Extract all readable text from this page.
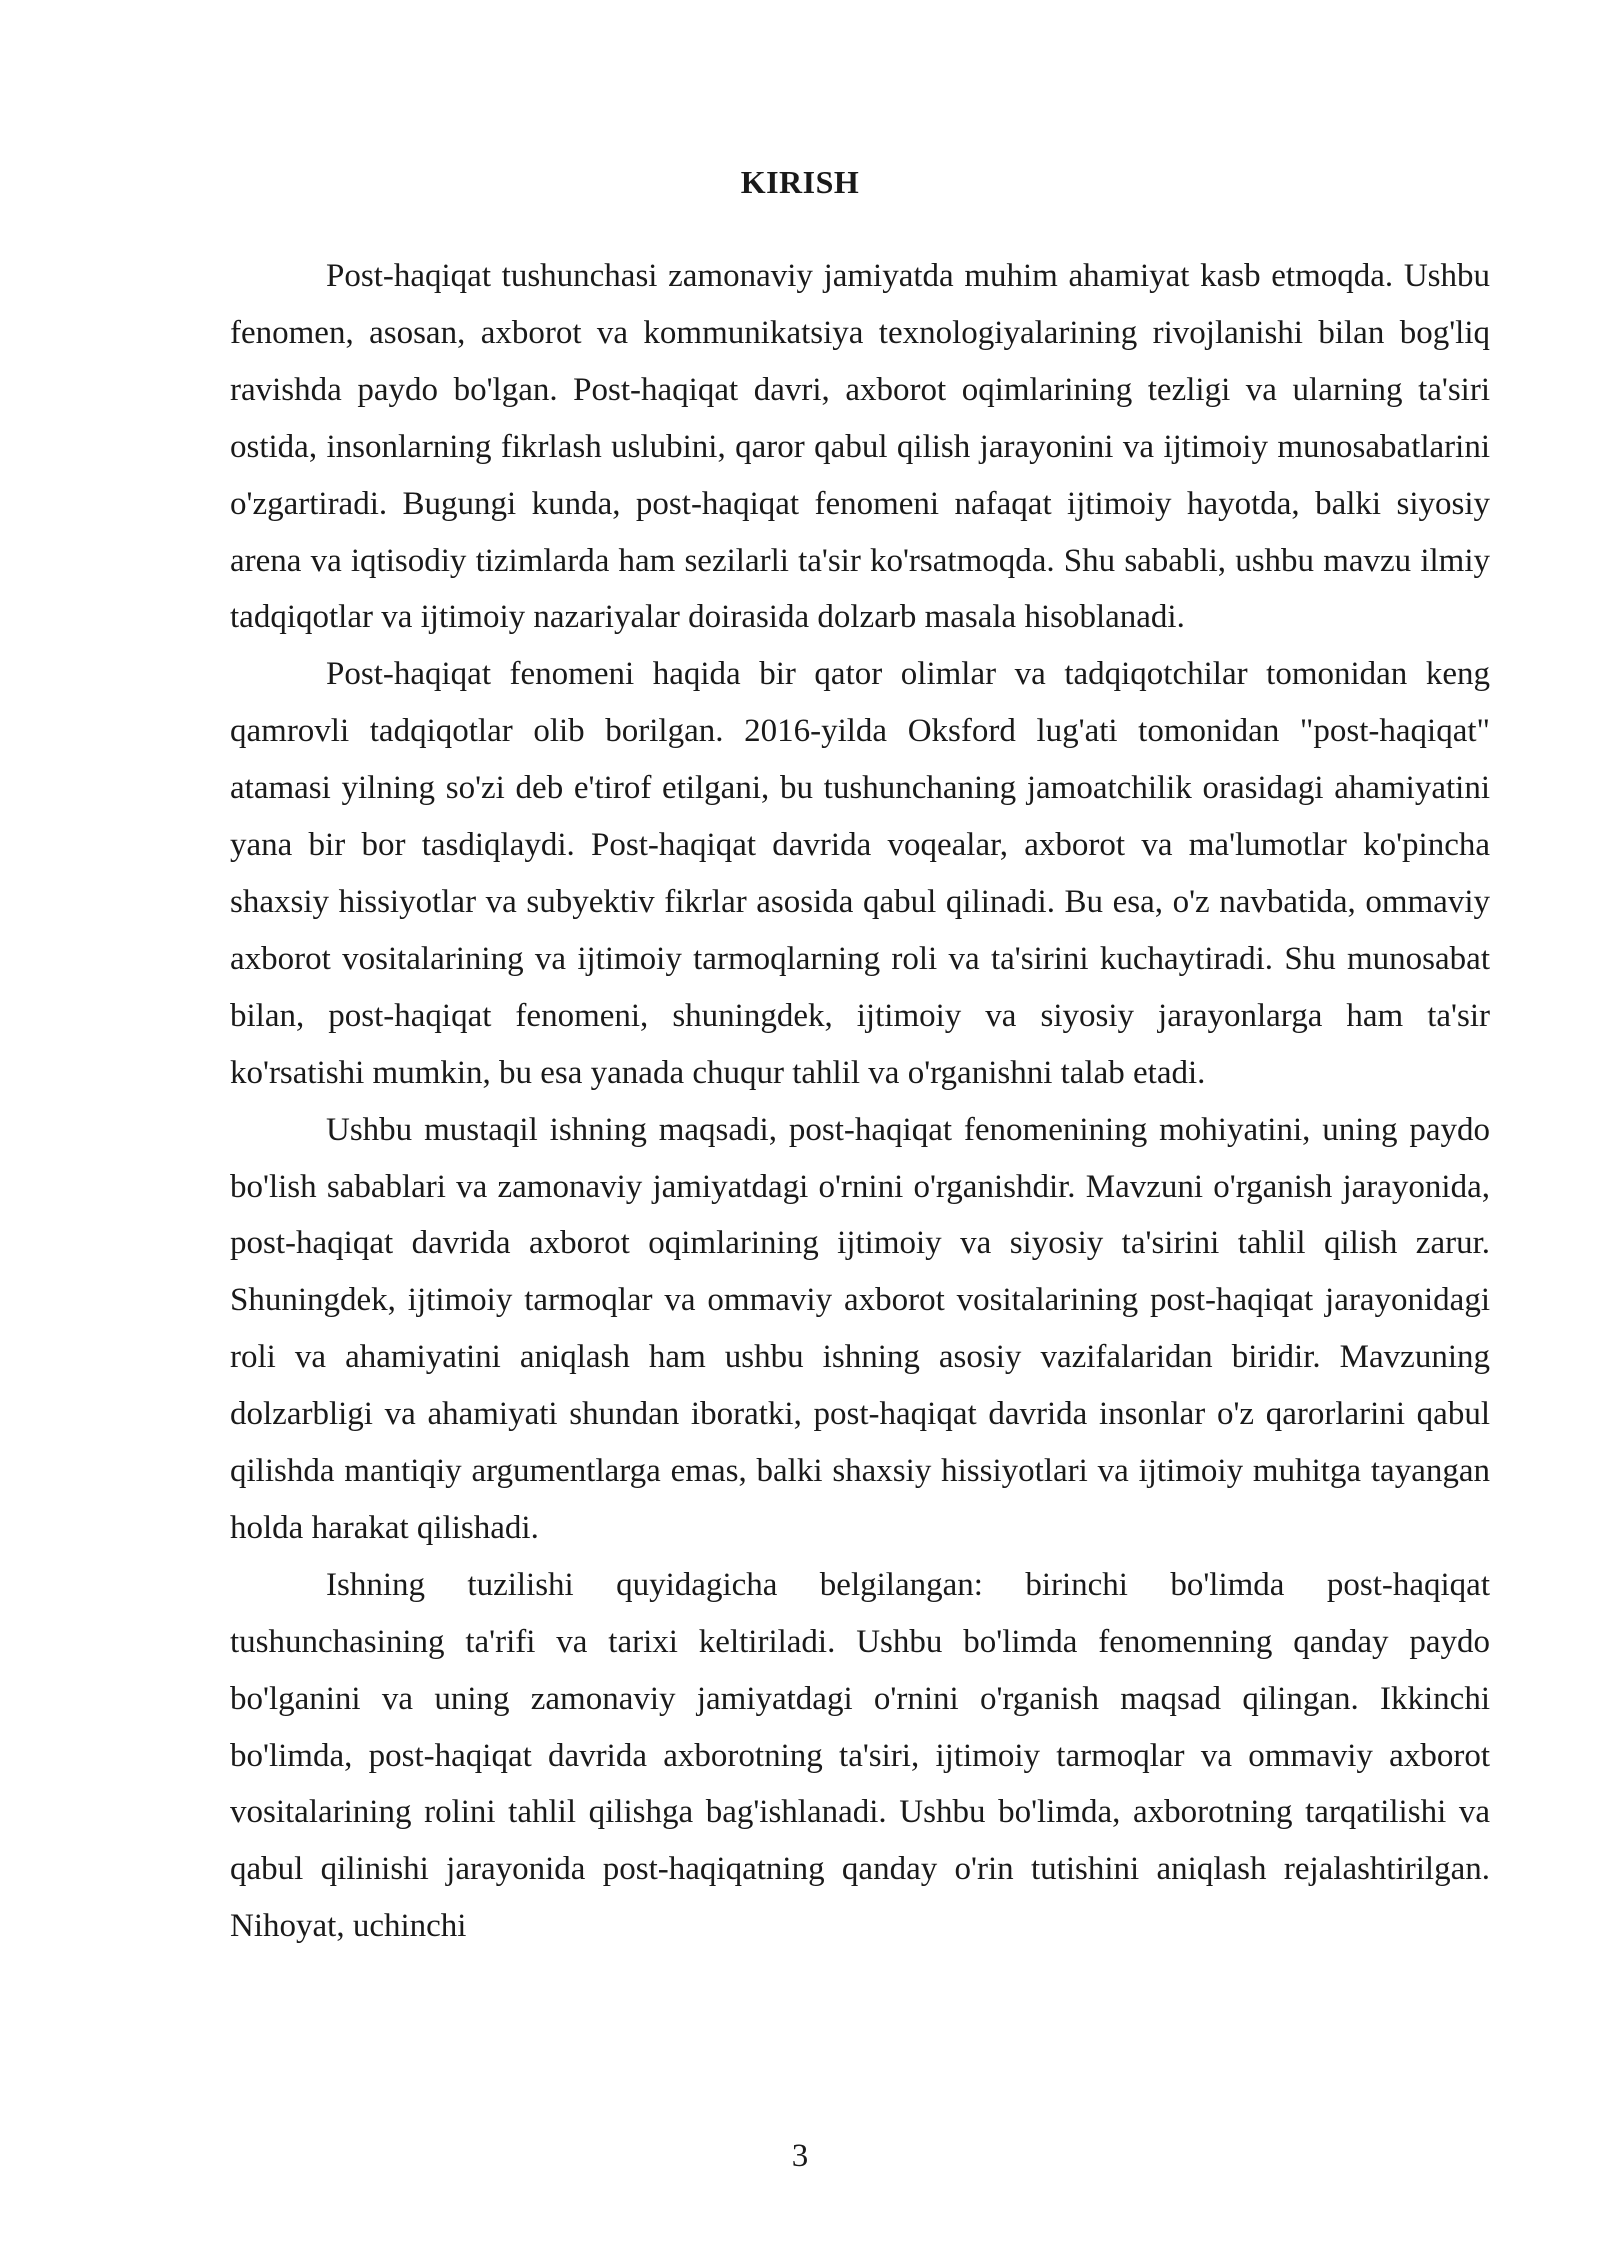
KIRISH

Post-haqiqat tushunchasi zamonaviy jamiyatda muhim ahamiyat kasb etmoqda. Ushbu fenomen, asosan, axborot va kommunikatsiya texnologiyalarining rivojlanishi bilan bog'liq ravishda paydo bo'lgan. Post-haqiqat davri, axborot oqimlarining tezligi va ularning ta'siri ostida, insonlarning fikrlash uslubini, qaror qabul qilish jarayonini va ijtimoiy munosabatlarini o'zgartiradi. Bugungi kunda, post-haqiqat fenomeni nafaqat ijtimoiy hayotda, balki siyosiy arena va iqtisodiy tizimlarda ham sezilarli ta'sir ko'rsatmoqda. Shu sababli, ushbu mavzu ilmiy tadqiqotlar va ijtimoiy nazariyalar doirasida dolzarb masala hisoblanadi.

Post-haqiqat fenomeni haqida bir qator olimlar va tadqiqotchilar tomonidan keng qamrovli tadqiqotlar olib borilgan. 2016-yilda Oksford lug'ati tomonidan "post-haqiqat" atamasi yilning so'zi deb e'tirof etilgani, bu tushunchaning jamoatchilik orasidagi ahamiyatini yana bir bor tasdiqlaydi. Post-haqiqat davrida voqealar, axborot va ma'lumotlar ko'pincha shaxsiy hissiyotlar va subyektiv fikrlar asosida qabul qilinadi. Bu esa, o'z navbatida, ommaviy axborot vositalarining va ijtimoiy tarmoqlarning roli va ta'sirini kuchaytiradi. Shu munosabat bilan, post-haqiqat fenomeni, shuningdek, ijtimoiy va siyosiy jarayonlarga ham ta'sir ko'rsatishi mumkin, bu esa yanada chuqur tahlil va o'rganishni talab etadi.

Ushbu mustaqil ishning maqsadi, post-haqiqat fenomenining mohiyatini, uning paydo bo'lish sabablari va zamonaviy jamiyatdagi o'rnini o'rganishdir. Mavzuni o'rganish jarayonida, post-haqiqat davrida axborot oqimlarining ijtimoiy va siyosiy ta'sirini tahlil qilish zarur. Shuningdek, ijtimoiy tarmoqlar va ommaviy axborot vositalarining post-haqiqat jarayonidagi roli va ahamiyatini aniqlash ham ushbu ishning asosiy vazifalaridan biridir. Mavzuning dolzarbligi va ahamiyati shundan iboratki, post-haqiqat davrida insonlar o'z qarorlarini qabul qilishda mantiqiy argumentlarga emas, balki shaxsiy hissiyotlari va ijtimoiy muhitga tayangan holda harakat qilishadi.

Ishning tuzilishi quyidagicha belgilangan: birinchi bo'limda post-haqiqat tushunchasining ta'rifi va tarixi keltiriladi. Ushbu bo'limda fenomenning qanday paydo bo'lganini va uning zamonaviy jamiyatdagi o'rnini o'rganish maqsad qilingan. Ikkinchi bo'limda, post-haqiqat davrida axborotning ta'siri, ijtimoiy tarmoqlar va ommaviy axborot vositalarining rolini tahlil qilishga bag'ishlanadi. Ushbu bo'limda, axborotning tarqatilishi va qabul qilinishi jarayonida post-haqiqatning qanday o'rin tutishini aniqlash rejalashtirilgan. Nihoyat, uchinchi

3
